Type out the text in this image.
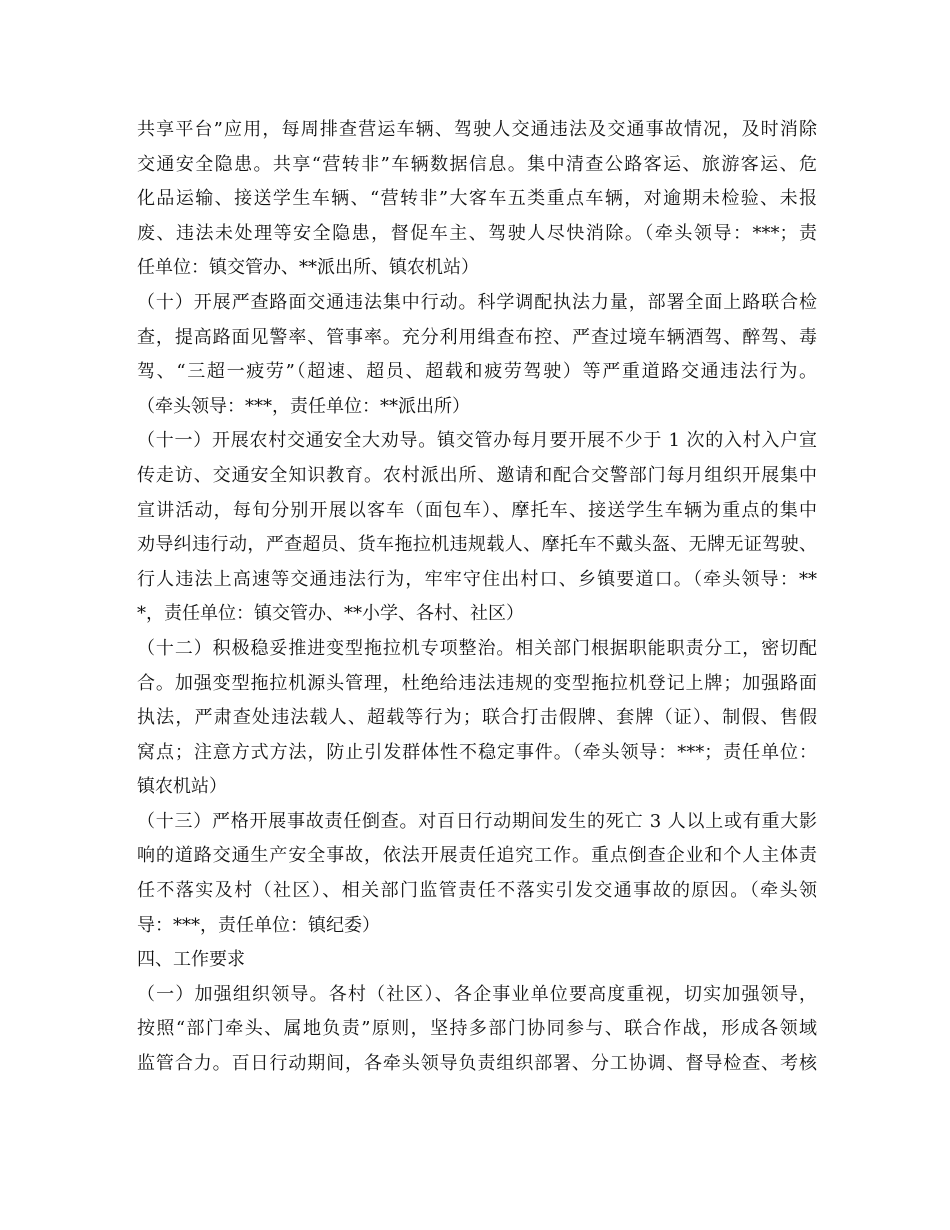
共享平台”应用，每周排查营运车辆、驾驶人交通违法及交通事故情况，及时消除
交通安全隐患。共享“营转非”车辆数据信息。集中清查公路客运、旅游客运、危
化品运输、接送学生车辆、“营转非”大客车五类重点车辆，对逾期未检验、未报
废、违法未处理等安全隐患，督促车主、驾驶人尽快消除。（牵头领导：***；责
任单位：镇交管办、**派出所、镇农机站）
（十）开展严查路面交通违法集中行动。科学调配执法力量，部署全面上路联合检
查，提高路面见警率、管事率。充分利用缉查布控、严查过境车辆酒驾、醉驾、毒
驾、“三超一疲劳”（超速、超员、超载和疲劳驾驶）等严重道路交通违法行为。
（牵头领导：***，责任单位：**派出所）
（十一）开展农村交通安全大劝导。镇交管办每月要开展不少于 1 次的入村入户宣
传走访、交通安全知识教育。农村派出所、邀请和配合交警部门每月组织开展集中
宣讲活动，每旬分别开展以客车（面包车）、摩托车、接送学生车辆为重点的集中
劝导纠违行动，严查超员、货车拖拉机违规载人、摩托车不戴头盔、无牌无证驾驶、
行人违法上高速等交通违法行为，牢牢守住出村口、乡镇要道口。（牵头领导：**
*，责任单位：镇交管办、**小学、各村、社区）
（十二）积极稳妥推进变型拖拉机专项整治。相关部门根据职能职责分工，密切配
合。加强变型拖拉机源头管理，杜绝给违法违规的变型拖拉机登记上牌；加强路面
执法，严肃查处违法载人、超载等行为；联合打击假牌、套牌（证）、制假、售假
窝点；注意方式方法，防止引发群体性不稳定事件。（牵头领导：***；责任单位：
镇农机站）
（十三）严格开展事故责任倒查。对百日行动期间发生的死亡 3 人以上或有重大影
响的道路交通生产安全事故，依法开展责任追究工作。重点倒查企业和个人主体责
任不落实及村（社区）、相关部门监管责任不落实引发交通事故的原因。（牵头领
导：***，责任单位：镇纪委）
四、工作要求
（一）加强组织领导。各村（社区）、各企事业单位要高度重视，切实加强领导，
按照“部门牵头、属地负责”原则，坚持多部门协同参与、联合作战，形成各领域
监管合力。百日行动期间，各牵头领导负责组织部署、分工协调、督导检查、考核
